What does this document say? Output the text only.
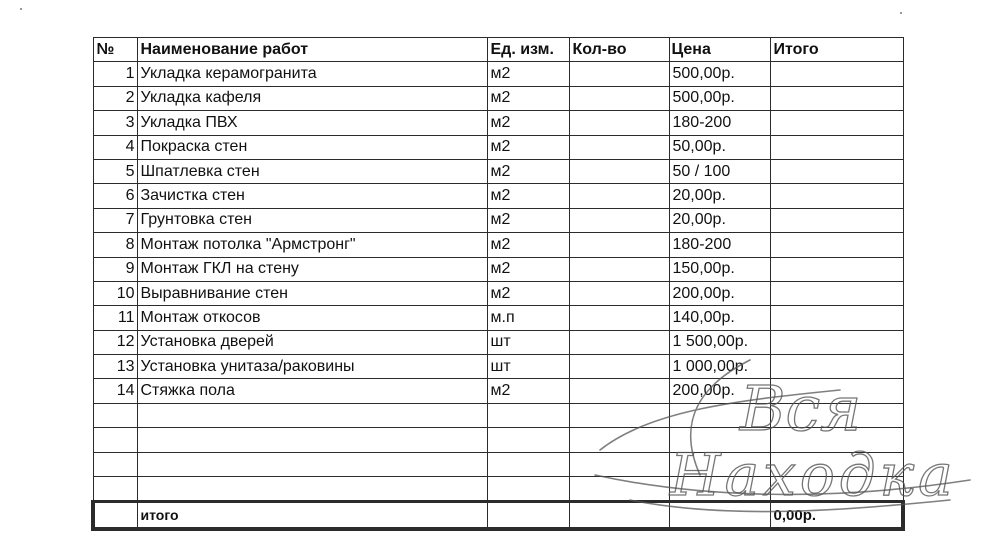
№	Наименование работ	Ед. изм.	Кол-во	Цена	Итого
1	Укладка керамогранита	м2		500,00р.	
2	Укладка кафеля	м2		500,00р.	
3	Укладка ПВХ	м2		180-200	
4	Покраска стен	м2		50,00р.	
5	Шпатлевка стен	м2		50 / 100	
6	Зачистка стен	м2		20,00р.	
7	Грунтовка стен	м2		20,00р.	
8	Монтаж потолка "Армстронг"	м2		180-200	
9	Монтаж ГКЛ на стену	м2		150,00р.	
10	Выравнивание стен	м2		200,00р.	
11	Монтаж откосов	м.п		140,00р.	
12	Установка дверей	шт		1 500,00р.	
13	Установка унитаза/раковины	шт		1 000,00р.	
14	Стяжка пола	м2		200,00р.	

	итого				0,00р.
Вся
Находка
